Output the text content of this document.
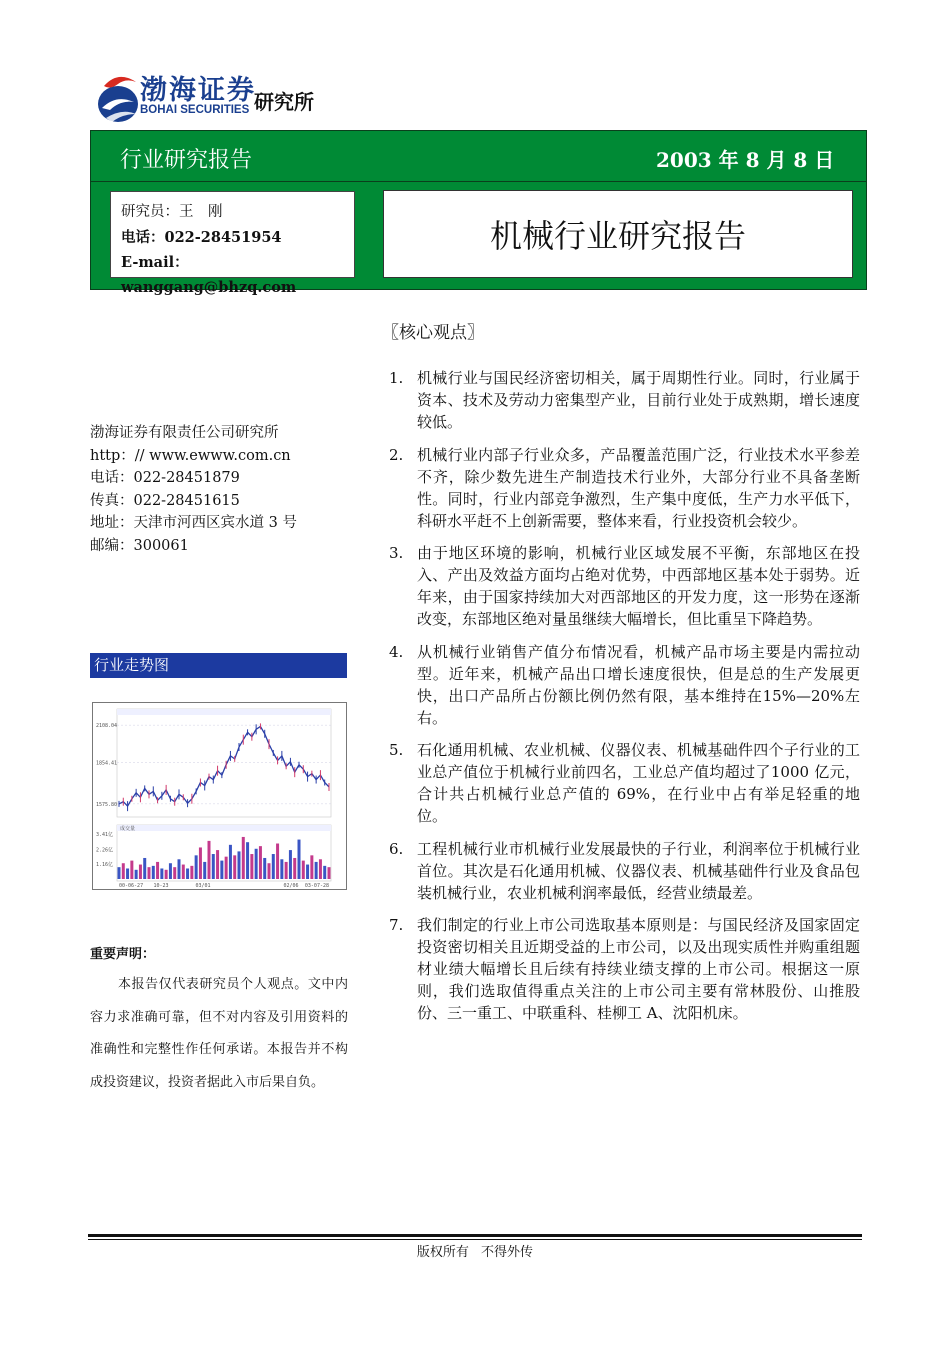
渤海证券
BOHAI SECURITIES 研究所
行业研究报告	2003 年 8 月 8 日
研究员：王　刚
电话：022-28451954
E-mail：wanggang@bhzq.com
机械行业研究报告
渤海证券有限责任公司研究所
http：// www.ewww.com.cn
电话：022-28451879
传真：022-28451615
地址：天津市河西区宾水道 3 号
邮编：300061
行业走势图
2108.04
1854.41
1575.80
3.41亿
2.26亿
1.16亿
00-06-27 10-23	03/01	02/06 03-07-28
成交量
重要声明：
本报告仅代表研究员个人观点。文中内容力求准确可靠，但不对内容及引用资料的准确性和完整性作任何承诺。本报告并不构成投资建议，投资者据此入市后果自负。
〖核心观点〗
1. 机械行业与国民经济密切相关，属于周期性行业。同时，行业属于资本、技术及劳动力密集型产业，目前行业处于成熟期，增长速度较低。
2. 机械行业内部子行业众多，产品覆盖范围广泛，行业技术水平参差不齐，除少数先进生产制造技术行业外，大部分行业不具备垄断性。同时，行业内部竞争激烈，生产集中度低，生产力水平低下，科研水平赶不上创新需要，整体来看，行业投资机会较少。
3. 由于地区环境的影响，机械行业区域发展不平衡，东部地区在投入、产出及效益方面均占绝对优势，中西部地区基本处于弱势。近年来，由于国家持续加大对西部地区的开发力度，这一形势在逐渐改变，东部地区绝对量虽继续大幅增长，但比重呈下降趋势。
4. 从机械行业销售产值分布情况看，机械产品市场主要是内需拉动型。近年来，机械产品出口增长速度很快，但是总的生产发展更快，出口产品所占份额比例仍然有限，基本维持在15%—20%左右。
5. 石化通用机械、农业机械、仪器仪表、机械基础件四个子行业的工业总产值位于机械行业前四名，工业总产值均超过了1000 亿元，合计共占机械行业总产值的 69%，在行业中占有举足轻重的地位。
6. 工程机械行业市机械行业发展最快的子行业，利润率位于机械行业首位。其次是石化通用机械、仪器仪表、机械基础件行业及食品包装机械行业，农业机械利润率最低，经营业绩最差。
7. 我们制定的行业上市公司选取基本原则是：与国民经济及国家固定投资密切相关且近期受益的上市公司，以及出现实质性并购重组题材业绩大幅增长且后续有持续业绩支撑的上市公司。根据这一原则，我们选取值得重点关注的上市公司主要有常林股份、山推股份、三一重工、中联重科、桂柳工 A、沈阳机床。
版权所有 不得外传
